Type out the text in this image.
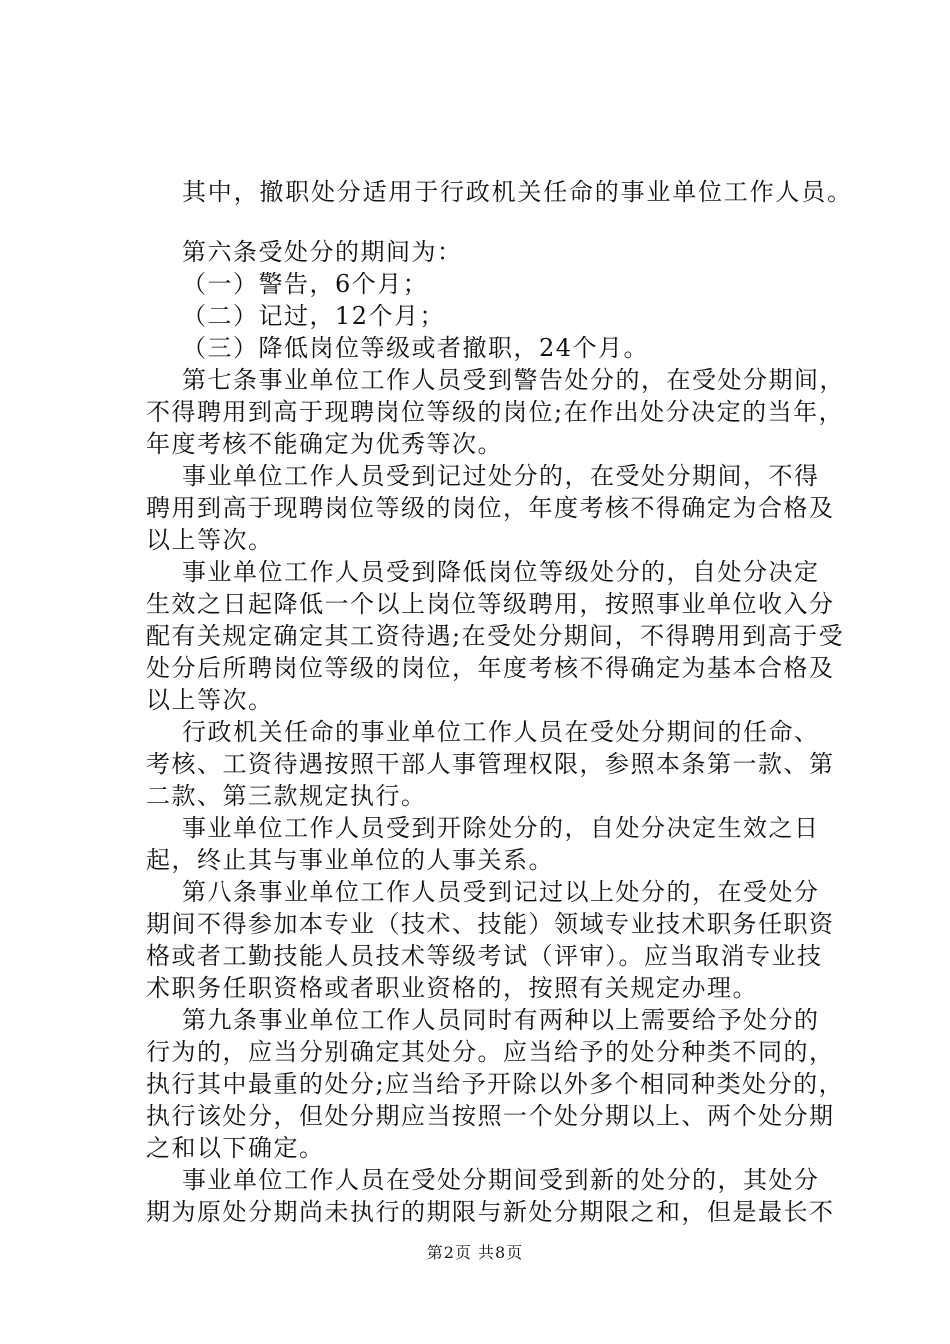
其中，撤职处分适用于行政机关任命的事业单位工作人员。
第六条受处分的期间为：
（一）警告，6个月；
（二）记过，12个月；
（三）降低岗位等级或者撤职，24个月。
第七条事业单位工作人员受到警告处分的，在受处分期间，
不得聘用到高于现聘岗位等级的岗位;在作出处分决定的当年，
年度考核不能确定为优秀等次。
事业单位工作人员受到记过处分的，在受处分期间，不得
聘用到高于现聘岗位等级的岗位，年度考核不得确定为合格及
以上等次。
事业单位工作人员受到降低岗位等级处分的，自处分决定
生效之日起降低一个以上岗位等级聘用，按照事业单位收入分
配有关规定确定其工资待遇;在受处分期间，不得聘用到高于受
处分后所聘岗位等级的岗位，年度考核不得确定为基本合格及
以上等次。
行政机关任命的事业单位工作人员在受处分期间的任命、
考核、工资待遇按照干部人事管理权限，参照本条第一款、第
二款、第三款规定执行。
事业单位工作人员受到开除处分的，自处分决定生效之日
起，终止其与事业单位的人事关系。
第八条事业单位工作人员受到记过以上处分的，在受处分
期间不得参加本专业（技术、技能）领域专业技术职务任职资
格或者工勤技能人员技术等级考试（评审）。应当取消专业技
术职务任职资格或者职业资格的，按照有关规定办理。
第九条事业单位工作人员同时有两种以上需要给予处分的
行为的，应当分别确定其处分。应当给予的处分种类不同的，
执行其中最重的处分;应当给予开除以外多个相同种类处分的，
执行该处分，但处分期应当按照一个处分期以上、两个处分期
之和以下确定。
事业单位工作人员在受处分期间受到新的处分的，其处分
期为原处分期尚未执行的期限与新处分期限之和，但是最长不
第2页 共8页
